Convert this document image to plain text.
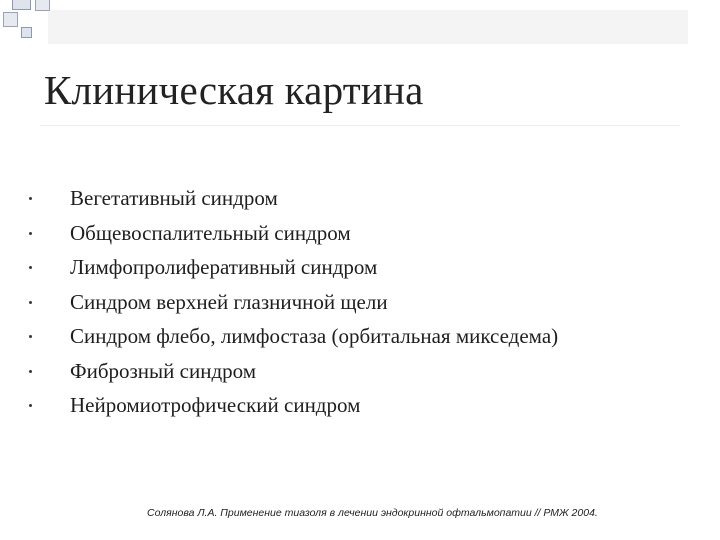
Клиническая картина
Вегетативный синдром
Общевоспалительный синдром
Лимфопролиферативный синдром
Синдром верхней глазничной щели
Синдром флебо, лимфостаза (орбитальная микседема)
Фиброзный синдром
Нейромиотрофический синдром
Солянова Л.А. Применение тиазоля в лечении эндокринной офтальмопатии // РМЖ 2004.
